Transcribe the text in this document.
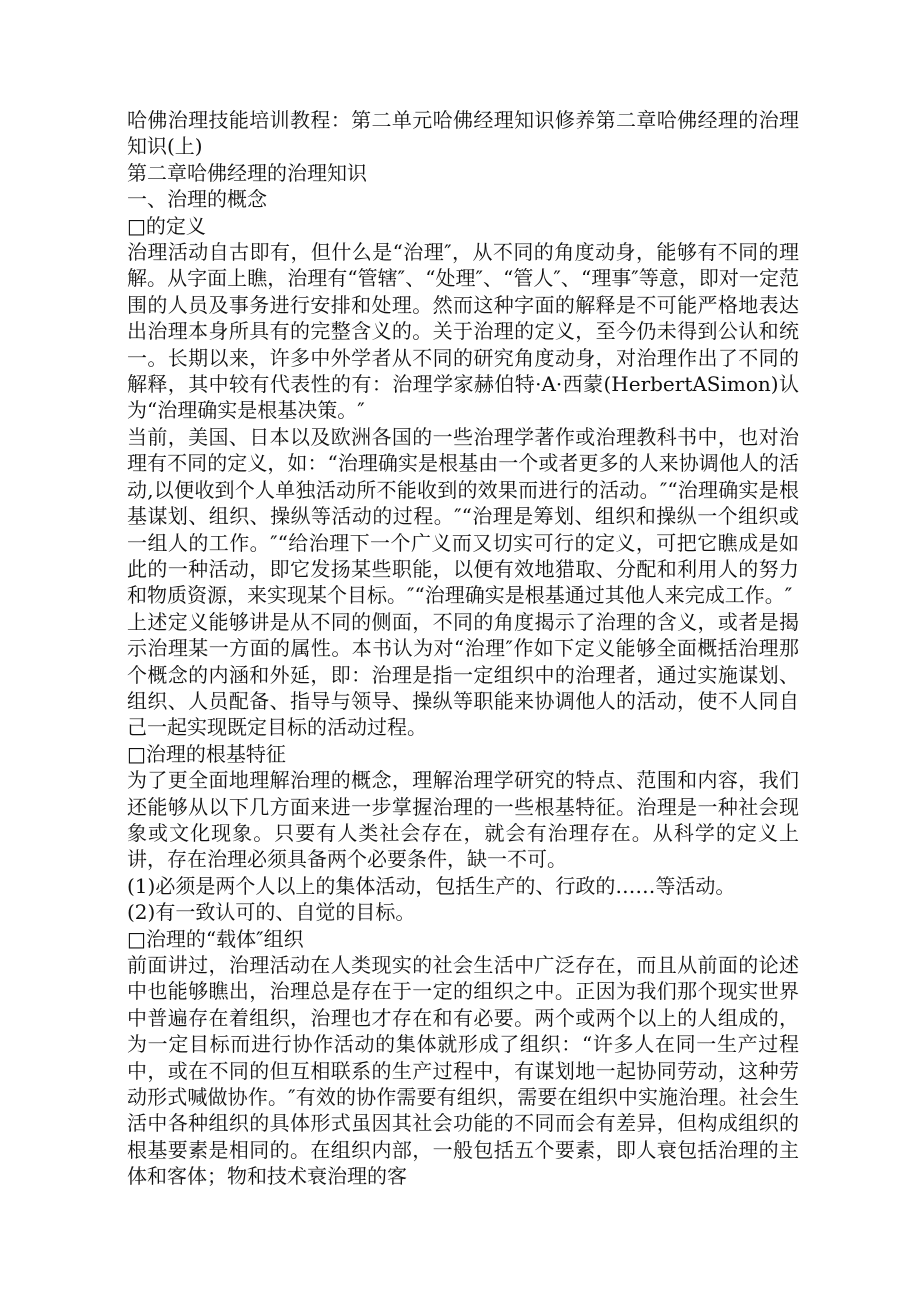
哈佛治理技能培训教程：第二单元哈佛经理知识修养第二章哈佛经理的治理知识(上)

第二章哈佛经理的治理知识

一、治理的概念

□的定义

治理活动自古即有，但什么是“治理″，从不同的角度动身，能够有不同的理解。从字面上瞧，治理有“管辖″、“处理″、“管人″、“理事″等意，即对一定范围的人员及事务进行安排和处理。然而这种字面的解释是不可能严格地表达出治理本身所具有的完整含义的。关于治理的定义，至今仍未得到公认和统一。长期以来，许多中外学者从不同的研究角度动身，对治理作出了不同的解释，其中较有代表性的有：治理学家赫伯特·A·西蒙(HerbertASimon)认为“治理确实是根基决策。″

当前，美国、日本以及欧洲各国的一些治理学著作或治理教科书中，也对治理有不同的定义，如：“治理确实是根基由一个或者更多的人来协调他人的活动,以便收到个人单独活动所不能收到的效果而进行的活动。″“治理确实是根基谋划、组织、操纵等活动的过程。″“治理是筹划、组织和操纵一个组织或一组人的工作。″“给治理下一个广义而又切实可行的定义，可把它瞧成是如此的一种活动，即它发扬某些职能，以便有效地猎取、分配和利用人的努力和物质资源，来实现某个目标。″“治理确实是根基通过其他人来完成工作。″

上述定义能够讲是从不同的侧面，不同的角度揭示了治理的含义，或者是揭示治理某一方面的属性。本书认为对“治理″作如下定义能够全面概括治理那个概念的内涵和外延，即：治理是指一定组织中的治理者，通过实施谋划、组织、人员配备、指导与领导、操纵等职能来协调他人的活动，使不人同自己一起实现既定目标的活动过程。

□治理的根基特征

为了更全面地理解治理的概念，理解治理学研究的特点、范围和内容，我们还能够从以下几方面来进一步掌握治理的一些根基特征。治理是一种社会现象或文化现象。只要有人类社会存在，就会有治理存在。从科学的定义上讲，存在治理必须具备两个必要条件，缺一不可。

(1)必须是两个人以上的集体活动，包括生产的、行政的……等活动。

(2)有一致认可的、自觉的目标。

□治理的“载体″组织

前面讲过，治理活动在人类现实的社会生活中广泛存在，而且从前面的论述中也能够瞧出，治理总是存在于一定的组织之中。正因为我们那个现实世界中普遍存在着组织，治理也才存在和有必要。两个或两个以上的人组成的，为一定目标而进行协作活动的集体就形成了组织：“许多人在同一生产过程中，或在不同的但互相联系的生产过程中，有谋划地一起协同劳动，这种劳动形式喊做协作。″有效的协作需要有组织，需要在组织中实施治理。社会生活中各种组织的具体形式虽因其社会功能的不同而会有差异，但构成组织的根基要素是相同的。在组织内部，一般包括五个要素，即人衰包括治理的主体和客体；物和技术衰治理的客
